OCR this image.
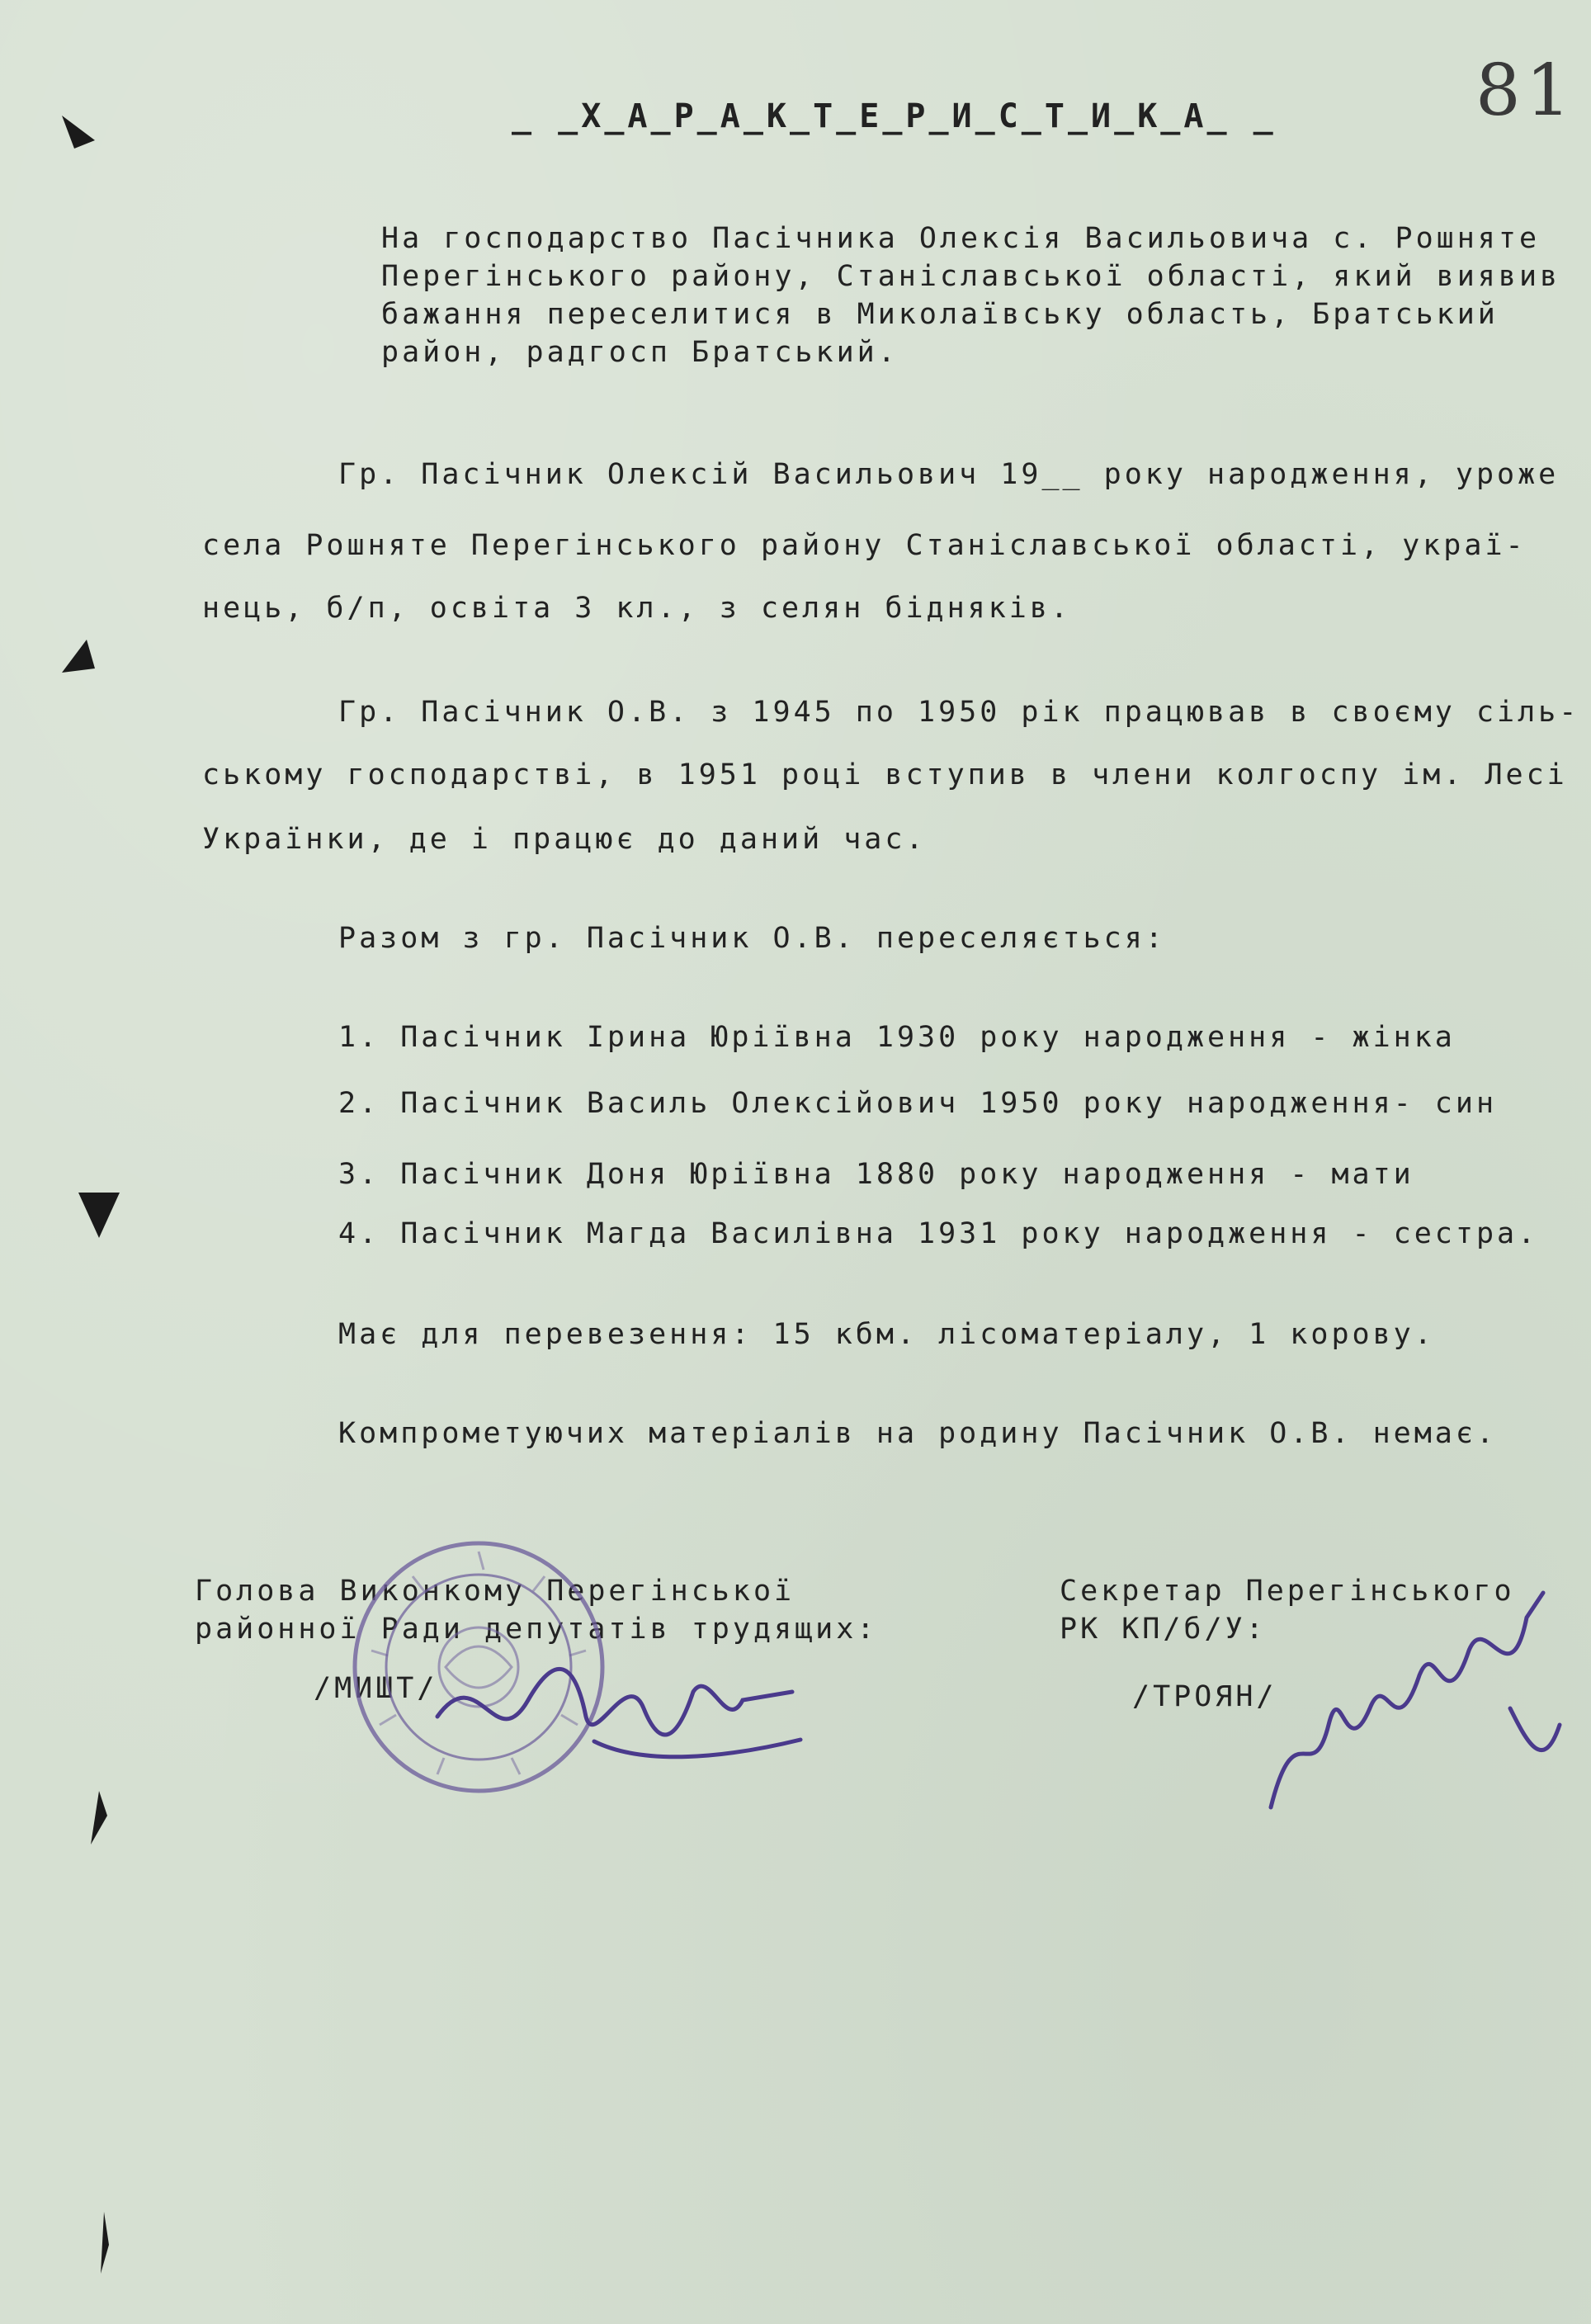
81
_ _Х_А_Р_А_К_Т_Е_Р_И_С_Т_И_К_А_ _
На господарство Пасічника Олексія Васильовича с. Рошняте
Перегінського району, Станіславської області, який виявив
бажання переселитися в Миколаївську область, Братський
район, радгосп Братський.
Гр. Пасічник Олексій Васильович 19__ року народження, уроже
села Рошняте Перегінського району Станіславської області, украї-
нець, б/п, освіта 3 кл., з селян бідняків.
Гр. Пасічник О.В. з 1945 по 1950 рік працював в своєму сіль-
ському господарстві, в 1951 році вступив в члени колгоспу ім. Лесі
Українки, де і працює до даний час.
Разом з гр. Пасічник О.В. переселяється:
1. Пасічник Ірина Юріївна 1930 року народження - жінка
2. Пасічник Василь Олексійович 1950 року народження- син
3. Пасічник Доня Юріївна 1880 року народження - мати
4. Пасічник Магда Василівна 1931 року народження - сестра.
Має для перевезення: 15 кбм. лісоматеріалу, 1 корову.
Компрометуючих матеріалів на родину Пасічник О.В. немає.
Голова Виконкому Перегінської
районної Ради депутатів трудящих:
/МИШТ/
Секретар Перегінського
РК КП/б/У:
/ТРОЯН/
